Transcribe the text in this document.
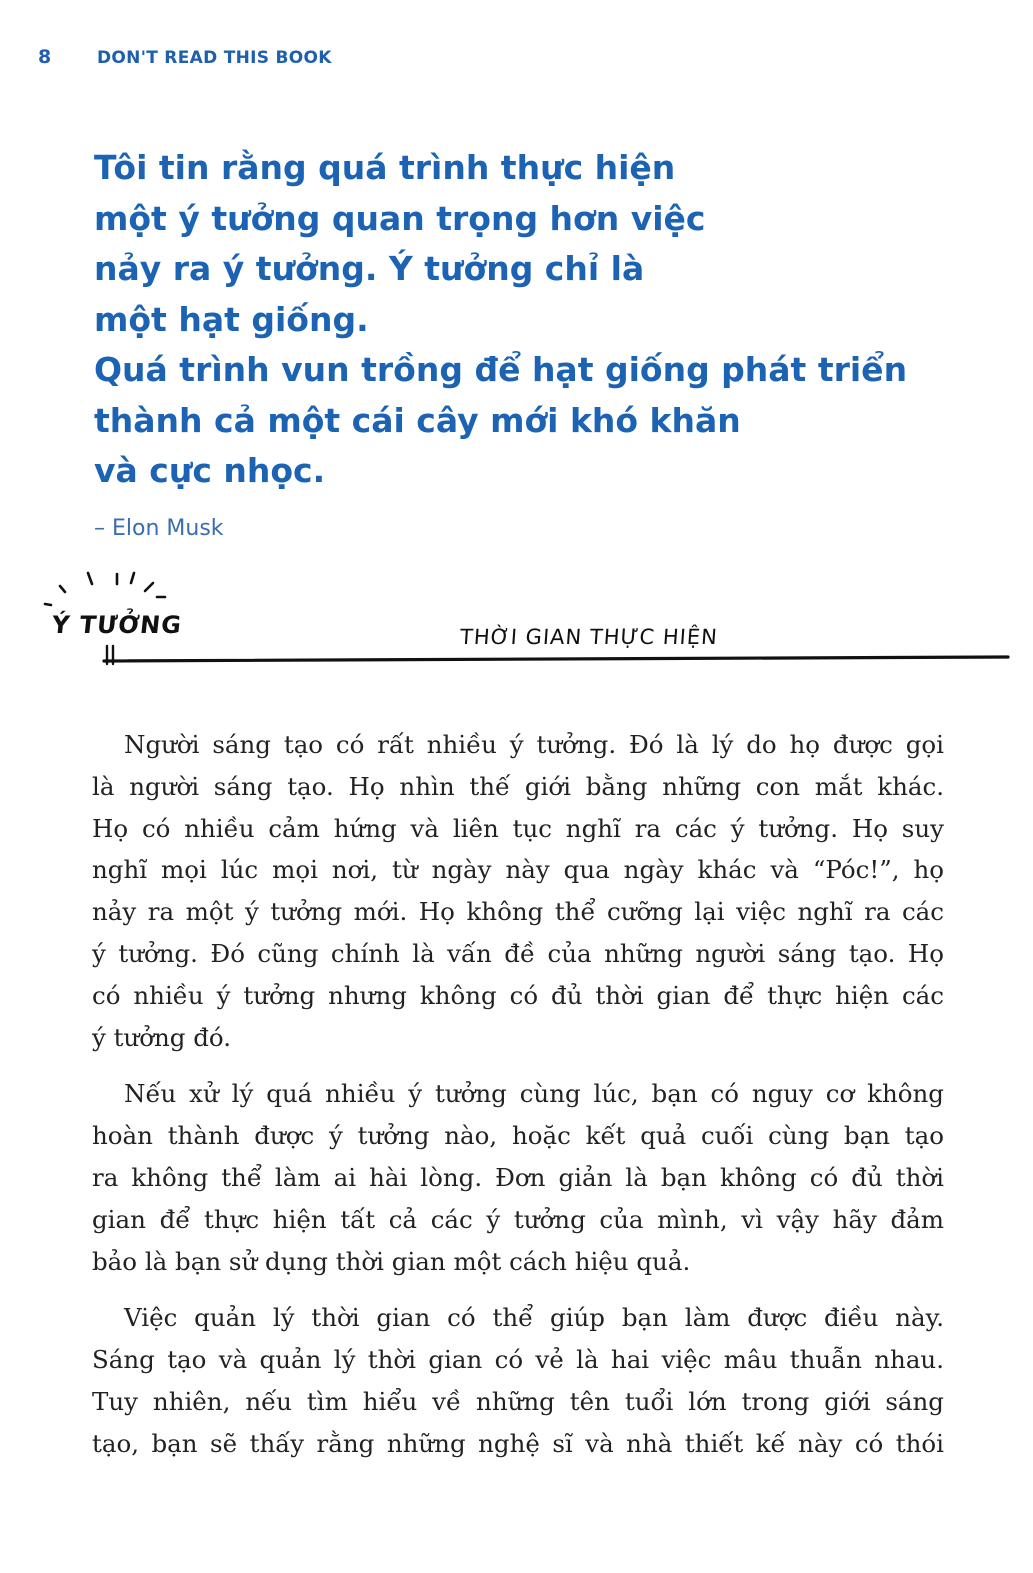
8	DON'T READ THIS BOOK
Tôi tin rằng quá trình thực hiện
một ý tưởng quan trọng hơn việc
nảy ra ý tưởng. Ý tưởng chỉ là
một hạt giống.
Quá trình vun trồng để hạt giống phát triển
thành cả một cái cây mới khó khăn
và cực nhọc.
– Elon Musk
Ý TƯỞNG	THỜI GIAN THỰC HIỆN
Người sáng tạo có rất nhiều ý tưởng. Đó là lý do họ được gọi
là người sáng tạo. Họ nhìn thế giới bằng những con mắt khác.
Họ có nhiều cảm hứng và liên tục nghĩ ra các ý tưởng. Họ suy
nghĩ mọi lúc mọi nơi, từ ngày này qua ngày khác và “Póc!”, họ
nảy ra một ý tưởng mới. Họ không thể cưỡng lại việc nghĩ ra các
ý tưởng. Đó cũng chính là vấn đề của những người sáng tạo. Họ
có nhiều ý tưởng nhưng không có đủ thời gian để thực hiện các
ý tưởng đó.
Nếu xử lý quá nhiều ý tưởng cùng lúc, bạn có nguy cơ không
hoàn thành được ý tưởng nào, hoặc kết quả cuối cùng bạn tạo
ra không thể làm ai hài lòng. Đơn giản là bạn không có đủ thời
gian để thực hiện tất cả các ý tưởng của mình, vì vậy hãy đảm
bảo là bạn sử dụng thời gian một cách hiệu quả.
Việc quản lý thời gian có thể giúp bạn làm được điều này.
Sáng tạo và quản lý thời gian có vẻ là hai việc mâu thuẫn nhau.
Tuy nhiên, nếu tìm hiểu về những tên tuổi lớn trong giới sáng
tạo, bạn sẽ thấy rằng những nghệ sĩ và nhà thiết kế này có thói
